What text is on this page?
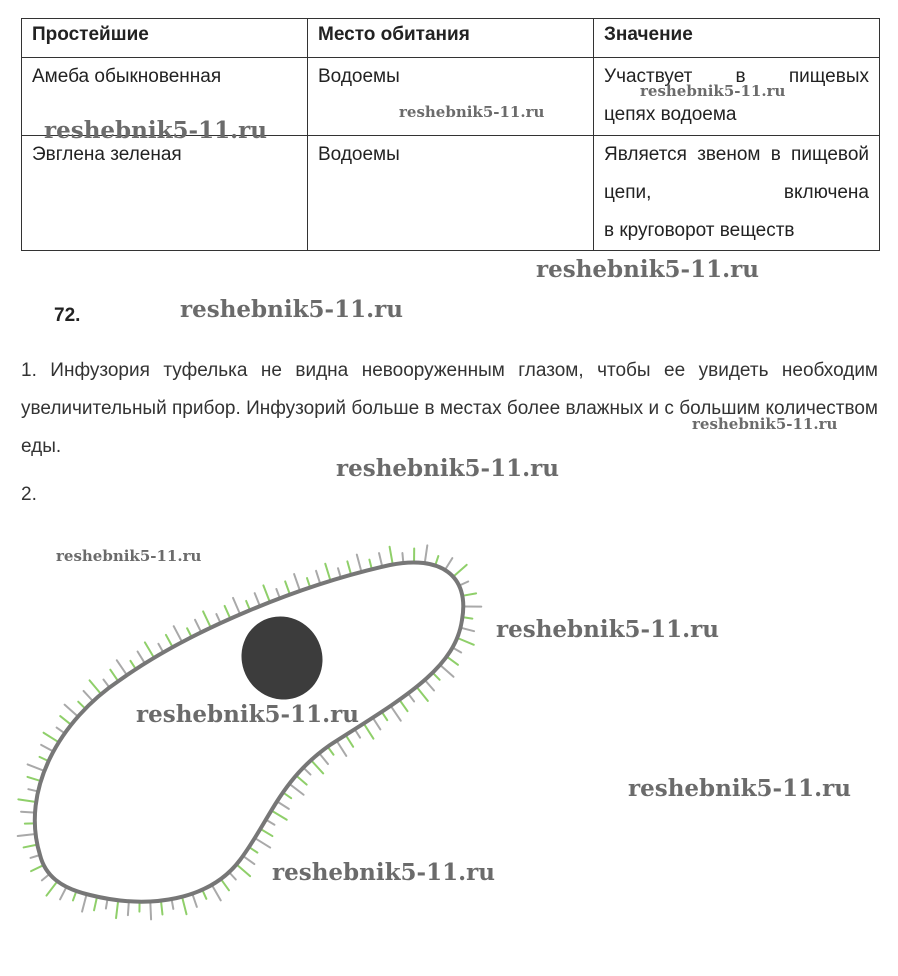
Простейшие	Место обитания	Значение
Амеба обыкновенная	Водоемы	Участвует в пищевых
цепях водоема

Эвглена зеленая	Водоемы	Является звеном в пищевой цепи, включена
в круговорот веществ
72.
1. Инфузория туфелька не видна невооруженным глазом, чтобы ее увидеть необходим увеличительный прибор. Инфузорий больше в местах более влажных и с большим количеством еды.
2.
reshebnik5-11.ru
reshebnik5-11.ru
reshebnik5-11.ru
reshebnik5-11.ru
reshebnik5-11.ru
reshebnik5-11.ru
reshebnik5-11.ru
reshebnik5-11.ru
reshebnik5-11.ru
reshebnik5-11.ru
reshebnik5-11.ru
reshebnik5-11.ru
